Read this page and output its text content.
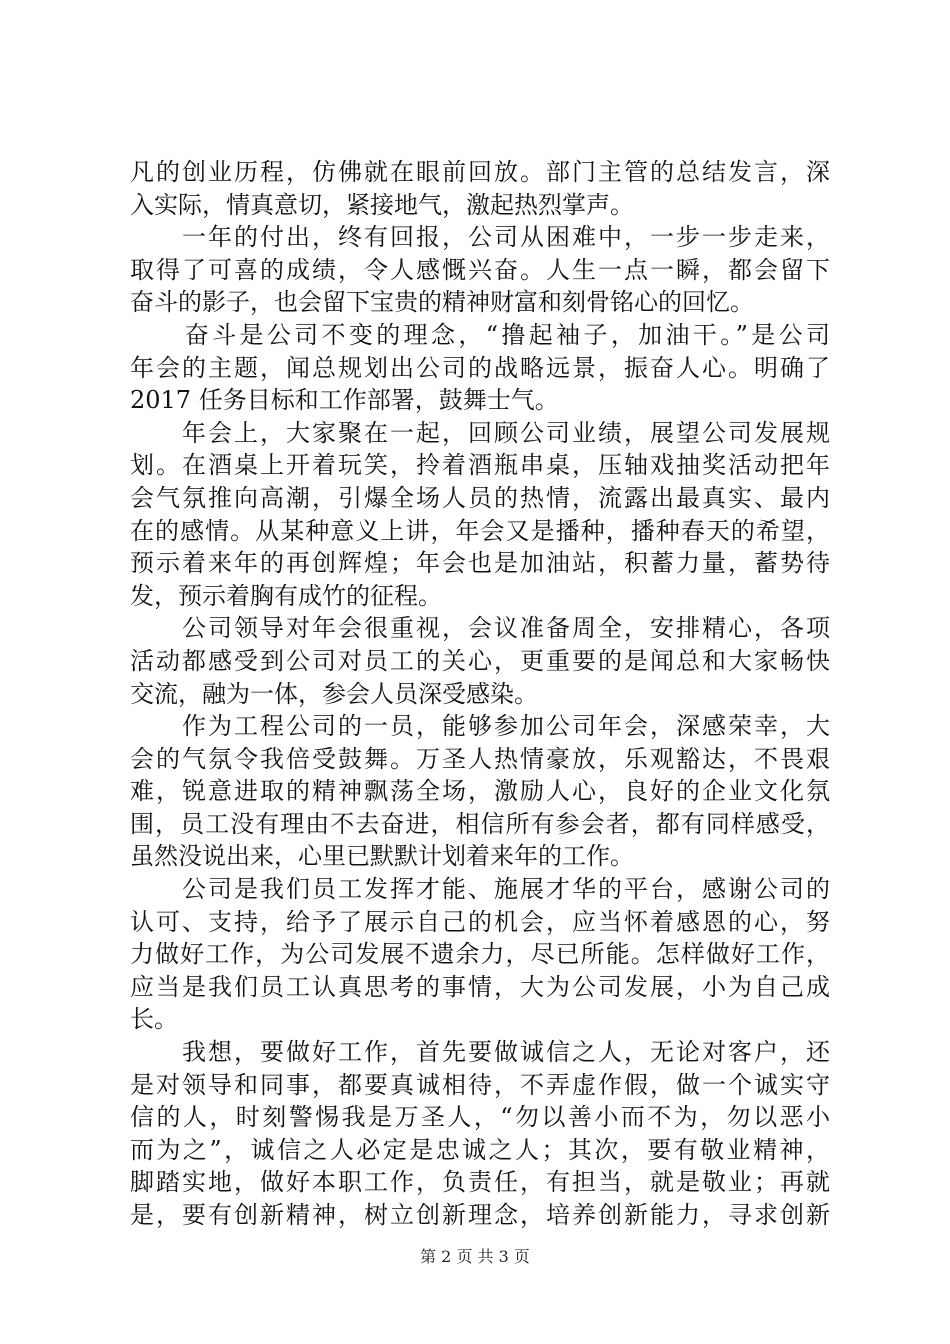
凡的创业历程，仿佛就在眼前回放。部门主管的总结发言，深
入实际，情真意切，紧接地气，激起热烈掌声。
　　一年的付出，终有回报，公司从困难中，一步一步走来，
取得了可喜的成绩，令人感慨兴奋。人生一点一瞬，都会留下
奋斗的影子，也会留下宝贵的精神财富和刻骨铭心的回忆。
　　奋斗是公司不变的理念，“撸起袖子，加油干。”是公司
年会的主题，闻总规划出公司的战略远景，振奋人心。明确了
2017 任务目标和工作部署，鼓舞士气。
　　年会上，大家聚在一起，回顾公司业绩，展望公司发展规
划。在酒桌上开着玩笑，拎着酒瓶串桌，压轴戏抽奖活动把年
会气氛推向高潮，引爆全场人员的热情，流露出最真实、最内
在的感情。从某种意义上讲，年会又是播种，播种春天的希望，
预示着来年的再创辉煌；年会也是加油站，积蓄力量，蓄势待
发，预示着胸有成竹的征程。
　　公司领导对年会很重视，会议准备周全，安排精心，各项
活动都感受到公司对员工的关心，更重要的是闻总和大家畅快
交流，融为一体，参会人员深受感染。
　　作为工程公司的一员，能够参加公司年会，深感荣幸，大
会的气氛令我倍受鼓舞。万圣人热情豪放，乐观豁达，不畏艰
难，锐意进取的精神飘荡全场，激励人心，良好的企业文化氛
围，员工没有理由不去奋进，相信所有参会者，都有同样感受，
虽然没说出来，心里已默默计划着来年的工作。
　　公司是我们员工发挥才能、施展才华的平台，感谢公司的
认可、支持，给予了展示自己的机会，应当怀着感恩的心，努
力做好工作，为公司发展不遗余力，尽已所能。怎样做好工作，
应当是我们员工认真思考的事情，大为公司发展，小为自己成
长。
　　我想，要做好工作，首先要做诚信之人，无论对客户，还
是对领导和同事，都要真诚相待，不弄虚作假，做一个诚实守
信的人，时刻警惕我是万圣人，“勿以善小而不为，勿以恶小
而为之”，诚信之人必定是忠诚之人；其次，要有敬业精神，
脚踏实地，做好本职工作，负责任，有担当，就是敬业；再就
是，要有创新精神，树立创新理念，培养创新能力，寻求创新
第 2 页 共 3 页
